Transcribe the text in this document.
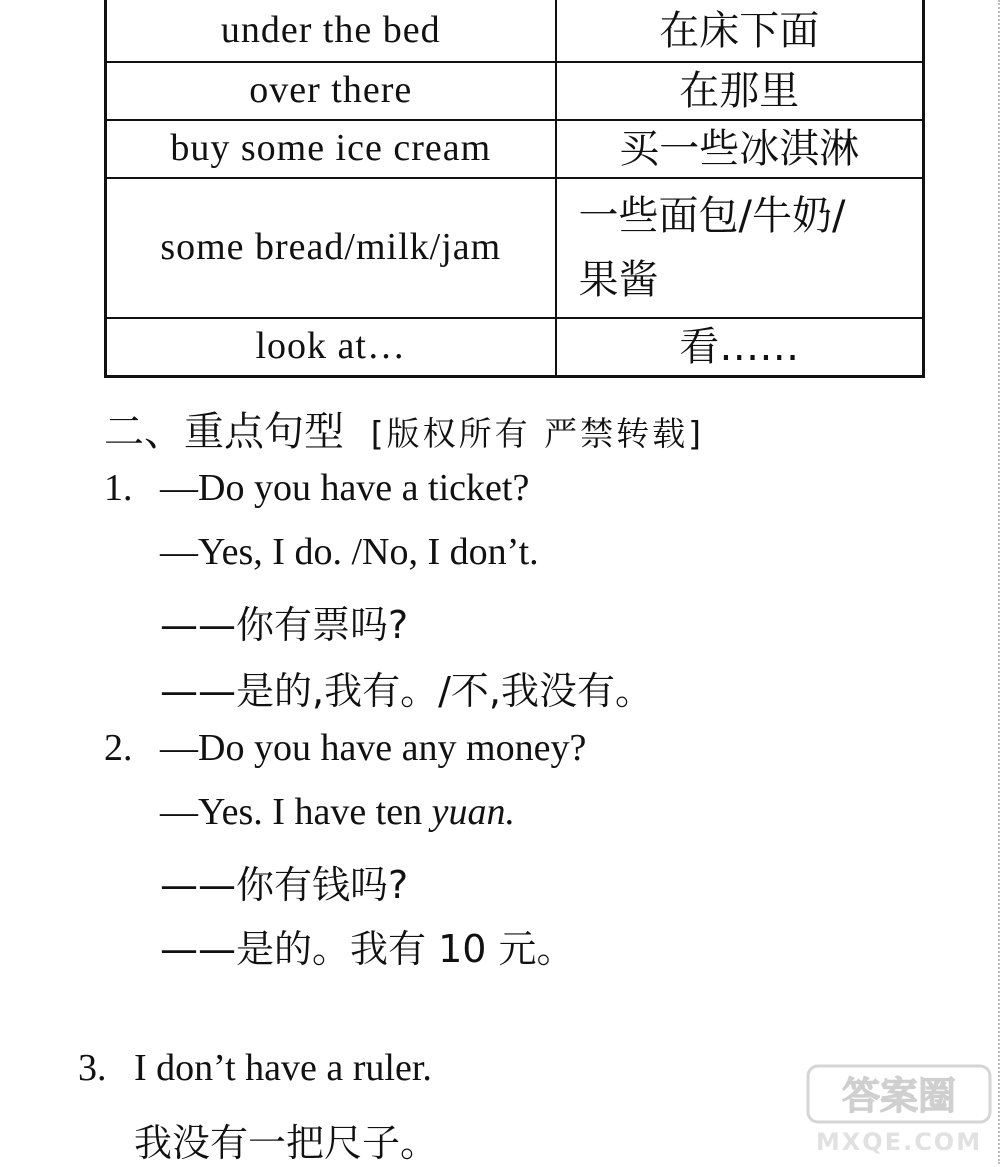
under the bed	在床下面
over there	在那里
buy some ice cream	买一些冰淇淋
some bread/milk/jam	一些面包/牛奶/
果酱

look at…	看……
二、重点句型 [版权所有 严禁转载]
1. —Do you have a ticket?
—Yes, I do. /No, I don’t.
——你有票吗?
——是的,我有。/不,我没有。
2. —Do you have any money?
—Yes. I have ten yuan.
——你有钱吗?
——是的。我有 10 元。
3. I don’t have a ruler.
我没有一把尺子。
答案圈
MXQE.COM
